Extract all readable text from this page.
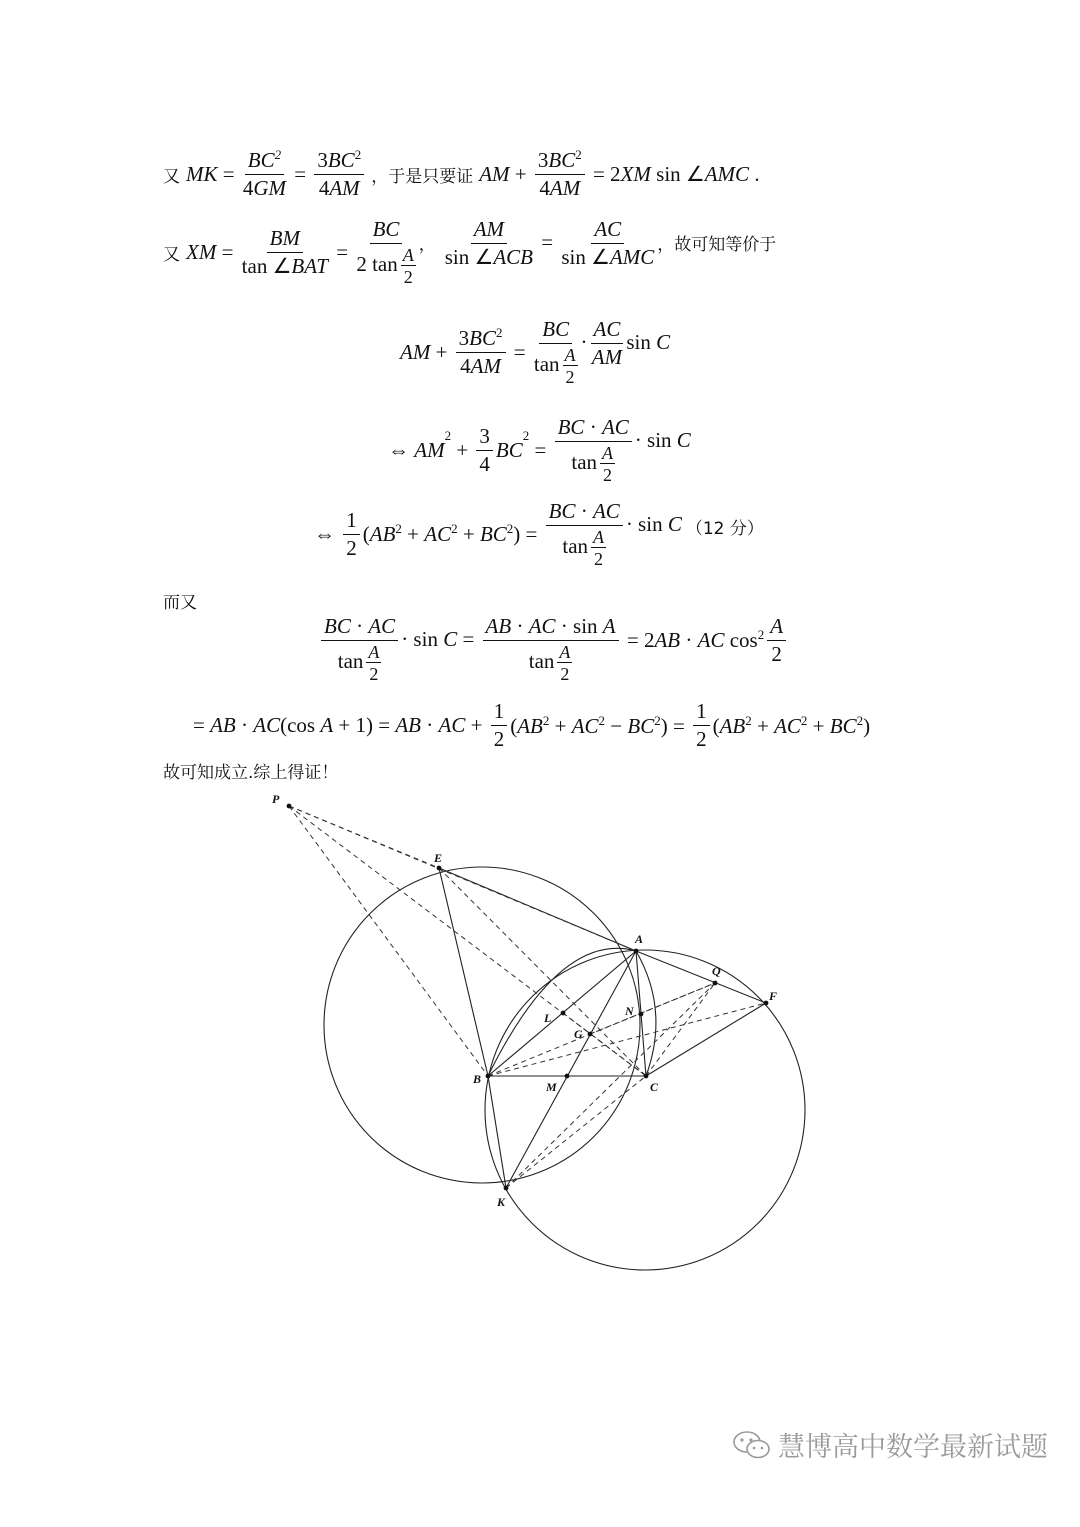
又 MK = $\frac{BC^2}{4GM} = \frac{3BC^2}{4AM}$ ，于是只要证 AM + $\frac{3BC^2}{4AM} = 2XM$ sin ∠AMC .
又 XM =
BM
tan ∠BAT
= $\frac{BC}{2 \tan \frac{A}{2}}$ ，
AM
sin ∠ACB
=
AC
sin ∠AMC
，故可知等价于
AM + $\frac{3BC^2}{4AM} = \frac{BC}{\tan \frac{A}{2}}$ ·
AC
AM
sin C
⇔ AM
$^2$
+ $\frac{3}{4}$ BC
$^2$
= $\frac{BC \cdot AC}{\tan \frac{A}{2}} \cdot \sin C$
⇔
1
2
$(AB^2 + AC^2 + BC^2) = \frac{BC \cdot AC}{\tan \frac{A}{2}} \cdot \sin C$ （12 分）
而又
BC · AC
$\tan \frac{A}{2}$
· $\sin C = \frac{\text{AB · AC · sin A}}{\tan \frac{A}{2}} = 2AB$ · AC $\cos^2 A$
2
= AB · AC(cos A + 1) = AB · AC + $\frac{1}{2} (AB^2 + AC^2 - BC^2) = \frac{1}{2} (AB^2 + AC^2 + BC^2)$
故可知成立.综上得证！
P
E
A
Q
F
N
L
G
B
M	C
K
慧博高中数学最新试题
